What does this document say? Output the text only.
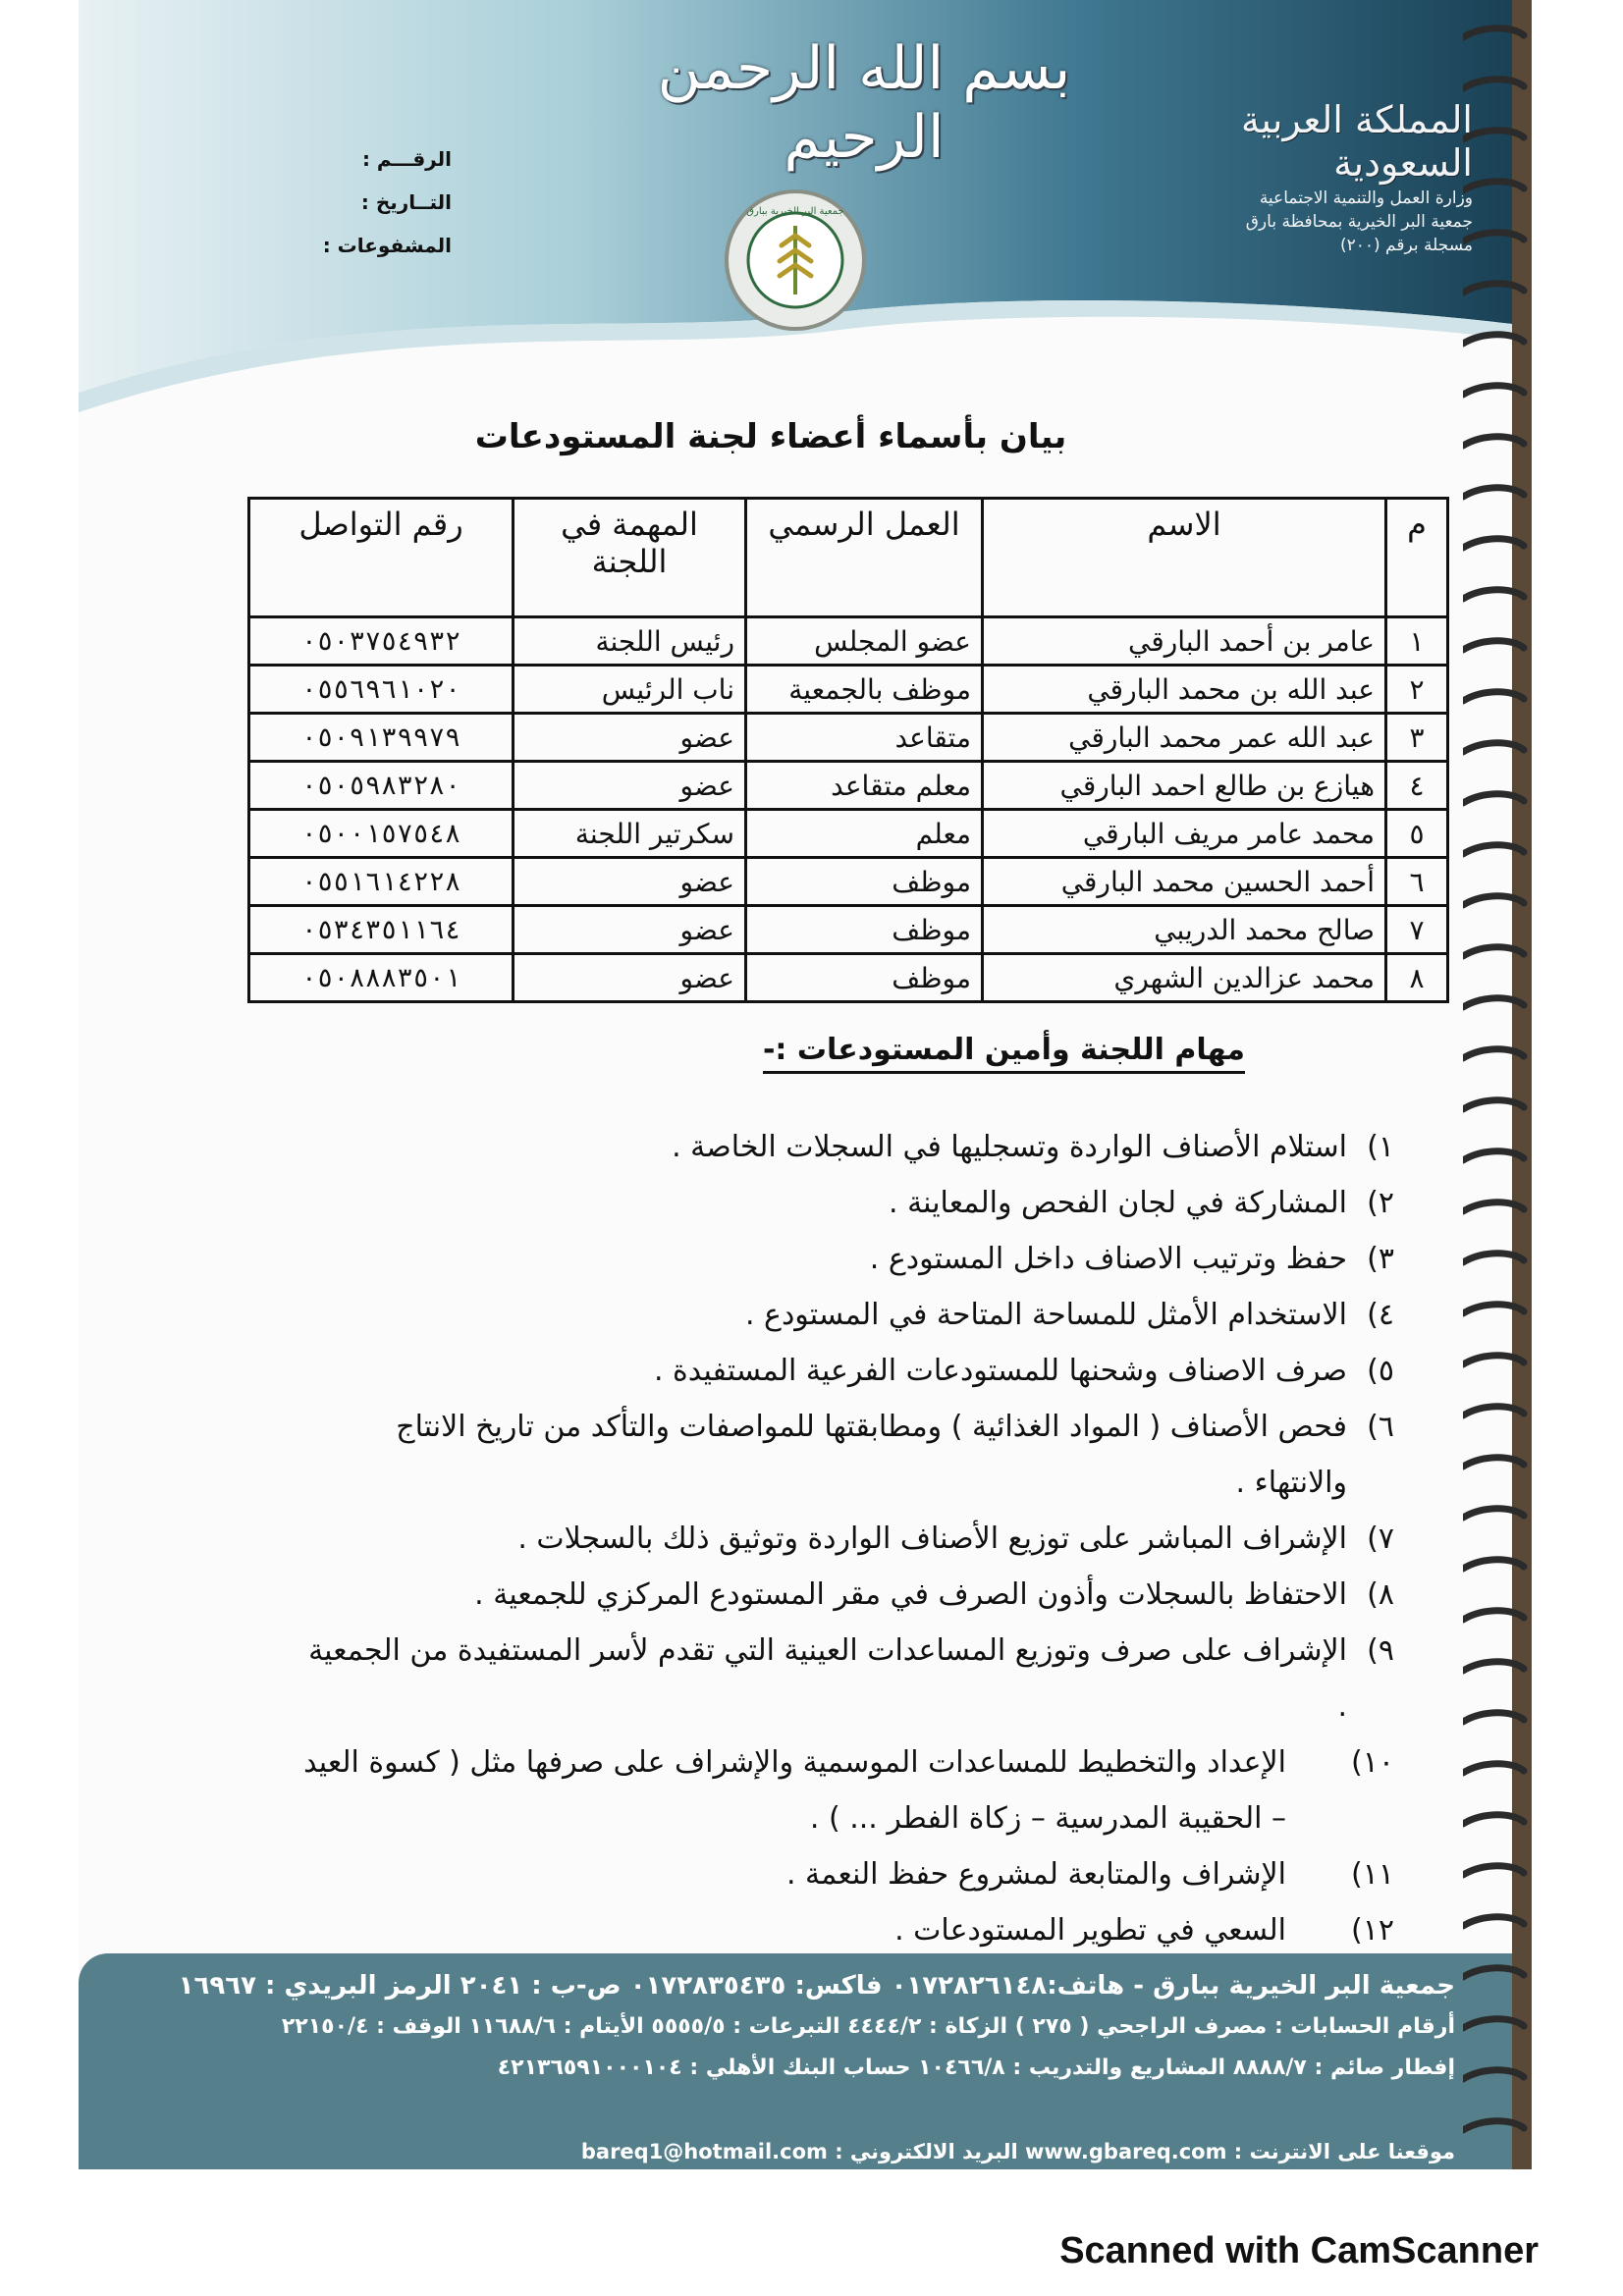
بسم الله الرحمن الرحيم	المملكة العربية السعودية
وزارة العمل والتنمية الاجتماعية
جمعية البر الخيرية بمحافظة بارق
مسجلة برقم (٢٠٠)
الرقـــم :
التــاريخ :
المشفوعات :
جمعية البر الخيرية ببارق
بيان بأسماء أعضاء لجنة المستودعات
م	الاسم	العمل الرسمي	المهمة في اللجنة	رقم التواصل
١	عامر بن أحمد البارقي	عضو المجلس	رئيس اللجنة	٠٥٠٣٧٥٤٩٣٢
٢	عبد الله بن محمد البارقي	موظف بالجمعية	ناب الرئيس	٠٥٥٦٩٦١٠٢٠
٣	عبد الله عمر محمد البارقي	متقاعد	عضو	٠٥٠٩١٣٩٩٧٩
٤	هيازع بن طالع احمد البارقي	معلم متقاعد	عضو	٠٥٠٥٩٨٣٢٨٠
٥	محمد عامر مريف البارقي	معلم	سكرتير اللجنة	٠٥٠٠١٥٧٥٤٨
٦	أحمد الحسين محمد البارقي	موظف	عضو	٠٥٥١٦١٤٢٢٨
٧	صالح محمد الدريبي	موظف	عضو	٠٥٣٤٣٥١١٦٤
٨	محمد عزالدين الشهري	موظف	عضو	٠٥٠٨٨٨٣٥٠١
مهام اللجنة وأمين المستودعات :-
١)
استلام الأصناف الواردة وتسجليها في السجلات الخاصة .
٢)
المشاركة في لجان الفحص والمعاينة .
٣)
حفظ وترتيب الاصناف داخل المستودع .
٤)
الاستخدام الأمثل للمساحة المتاحة في المستودع .
٥)
صرف الاصناف وشحنها للمستودعات الفرعية المستفيدة .
٦)
فحص الأصناف ( المواد الغذائية ) ومطابقتها للمواصفات والتأكد من تاريخ الانتاج والانتهاء .
٧)
الإشراف المباشر على توزيع الأصناف الواردة وتوثيق ذلك بالسجلات .
٨)
الاحتفاظ بالسجلات وأذون الصرف في مقر المستودع المركزي للجمعية .
٩)
الإشراف على صرف وتوزيع المساعدات العينية التي تقدم لأسر المستفيدة من الجمعية .
١٠)
الإعداد والتخطيط للمساعدات الموسمية والإشراف على صرفها مثل ( كسوة العيد – الحقيبة المدرسية – زكاة الفطر ... ) .
١١)
الإشراف والمتابعة لمشروع حفظ النعمة .
١٢)
السعي في تطوير المستودعات .
جمعية البر الخيرية ببارق - هاتف:٠١٧٢٨٢٦١٤٨ فاكس: ٠١٧٢٨٣٥٤٣٥ ص-ب : ٢٠٤١ الرمز البريدي : ١٦٩٦٧
أرقام الحسابات : مصرف الراجحي ( ٢٧٥ ) الزكاة : ٤٤٤٤/٢ التبرعات : ٥٥٥٥/٥ الأيتام : ١١٦٨٨/٦ الوقف : ٢٢١٥٠/٤
إفطار صائم : ٨٨٨٨/٧ المشاريع والتدريب : ١٠٤٦٦/٨ حساب البنك الأهلي : ٤٢١٣٦٥٩١٠٠٠١٠٤
موقعنا على الانترنت : www.gbareq.com البريد الالكتروني : bareq1@hotmail.com
Scanned with CamScanner
